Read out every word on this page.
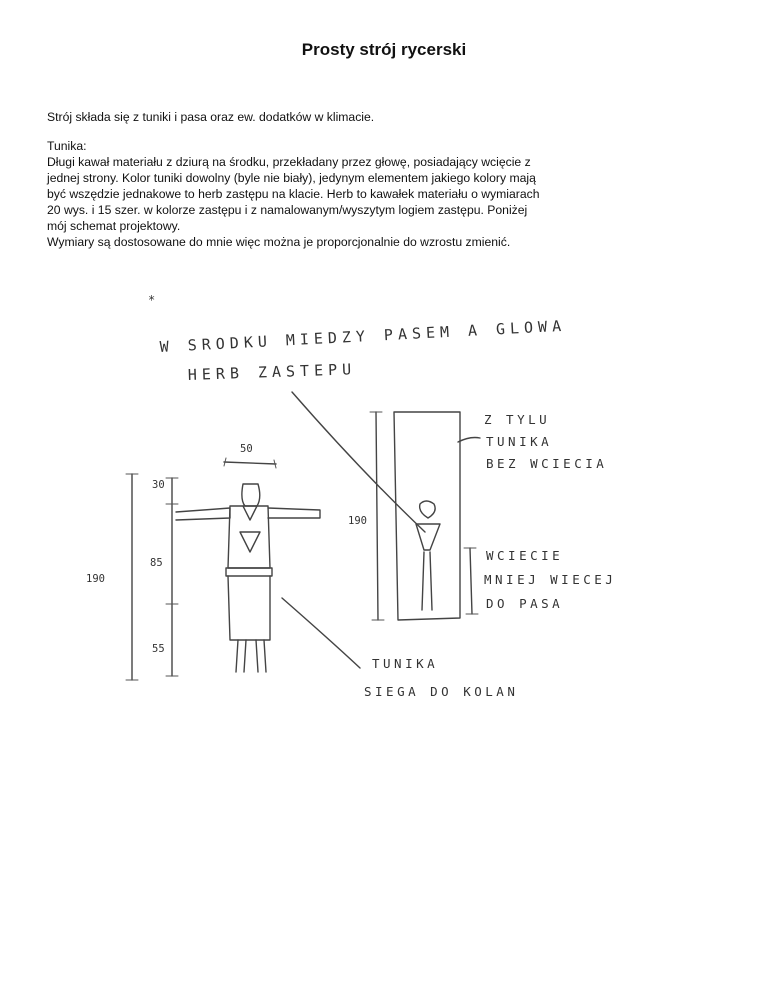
Prosty strój rycerski

Strój składa się z tuniki i pasa oraz ew. dodatków w klimacie.

Tunika:
Długi kawał materiału z dziurą na środku, przekładany przez głowę, posiadający wcięcie z
jednej strony. Kolor tuniki dowolny (byle nie biały), jedynym elementem jakiego kolory mają
być wszędzie jednakowe to herb zastępu na klacie. Herb to kawałek materiału o wymiarach
20 wys. i 15 szer. w kolorze zastępu i z namalowanym/wyszytym logiem zastępu. Poniżej
mój schemat projektowy.
Wymiary są dostosowane do mnie więc można je proporcjonalnie do wzrostu zmienić.
W SRODKU MIEDZY PASEM A GLOWA
HERB ZASTEPU
*
50
190
30
85
55
190
Z TYLU
TUNIKA
BEZ WCIECIA
WCIECIE
MNIEJ WIECEJ
DO PASA
TUNIKA
SIEGA DO KOLAN
